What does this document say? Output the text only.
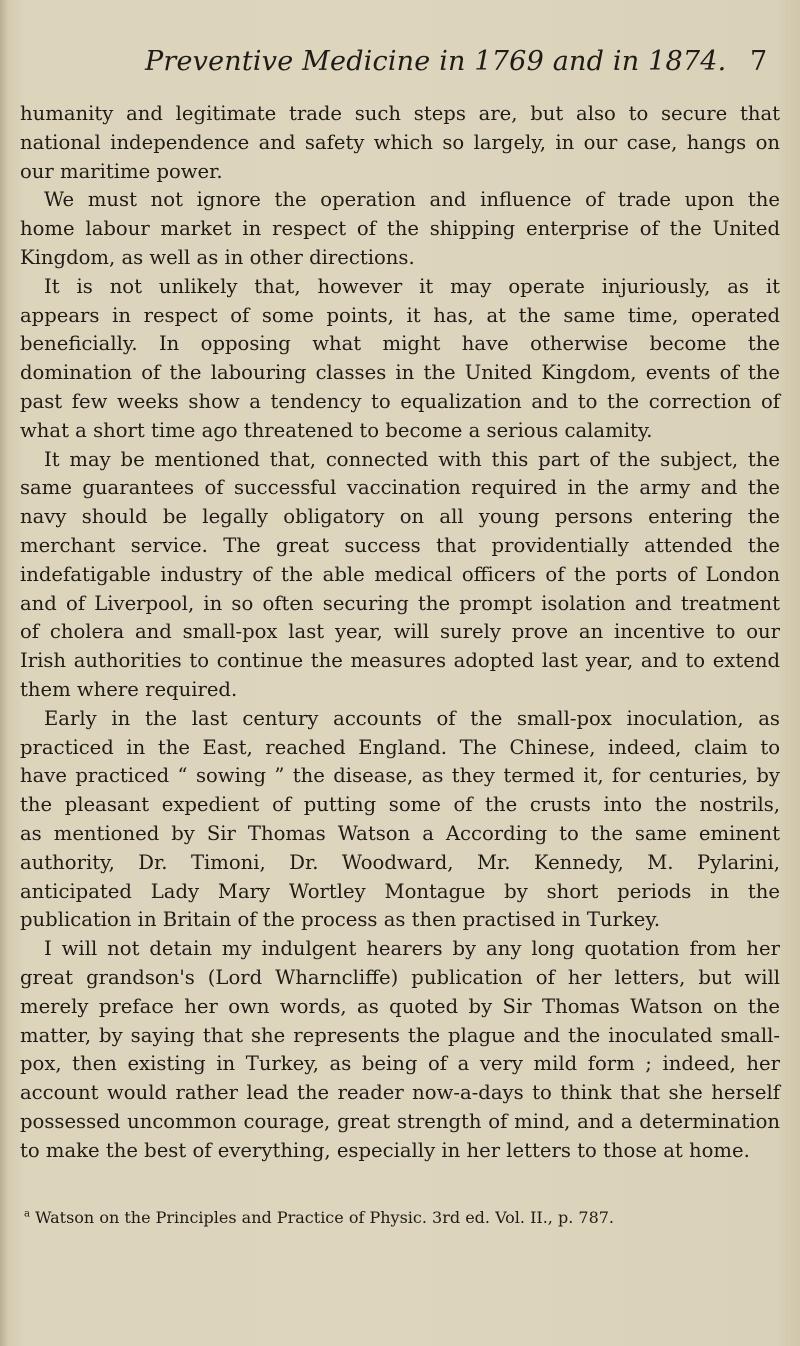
Preventive Medicine in 1769 and in 1874. 7
humanity and legitimate trade such steps are, but also to secure that
national independence and safety which so largely, in our case, hangs on
our maritime power.
We must not ignore the operation and influence of trade upon the
home labour market in respect of the shipping enterprise of the United
Kingdom, as well as in other directions.
It is not unlikely that, however it may operate injuriously, as it
appears in respect of some points, it has, at the same time, operated
beneficially. In opposing what might have otherwise become the
domination of the labouring classes in the United Kingdom, events of the
past few weeks show a tendency to equalization and to the correction of
what a short time ago threatened to become a serious calamity.
It may be mentioned that, connected with this part of the subject, the
same guarantees of successful vaccination required in the army and the
navy should be legally obligatory on all young persons entering the
merchant service. The great success that providentially attended the
indefatigable industry of the able medical officers of the ports of London
and of Liverpool, in so often securing the prompt isolation and treatment
of cholera and small-pox last year, will surely prove an incentive to our
Irish authorities to continue the measures adopted last year, and to extend
them where required.
Early in the last century accounts of the small-pox inoculation, as
practiced in the East, reached England. The Chinese, indeed, claim to
have practiced “ sowing ” the disease, as they termed it, for centuries, by
the pleasant expedient of putting some of the crusts into the nostrils,
as mentioned by Sir Thomas Watson a According to the same eminent
authority, Dr. Timoni, Dr. Woodward, Mr. Kennedy, M. Pylarini,
anticipated Lady Mary Wortley Montague by short periods in the
publication in Britain of the process as then practised in Turkey.
I will not detain my indulgent hearers by any long quotation from her
great grandson's (Lord Wharncliffe) publication of her letters, but will
merely preface her own words, as quoted by Sir Thomas Watson on the
matter, by saying that she represents the plague and the inoculated small-
pox, then existing in Turkey, as being of a very mild form ; indeed, her
account would rather lead the reader now-a-days to think that she herself
possessed uncommon courage, great strength of mind, and a determination
to make the best of everything, especially in her letters to those at home.
$^a$ Watson on the Principles and Practice of Physic. 3rd ed. Vol. II., p. 787.
